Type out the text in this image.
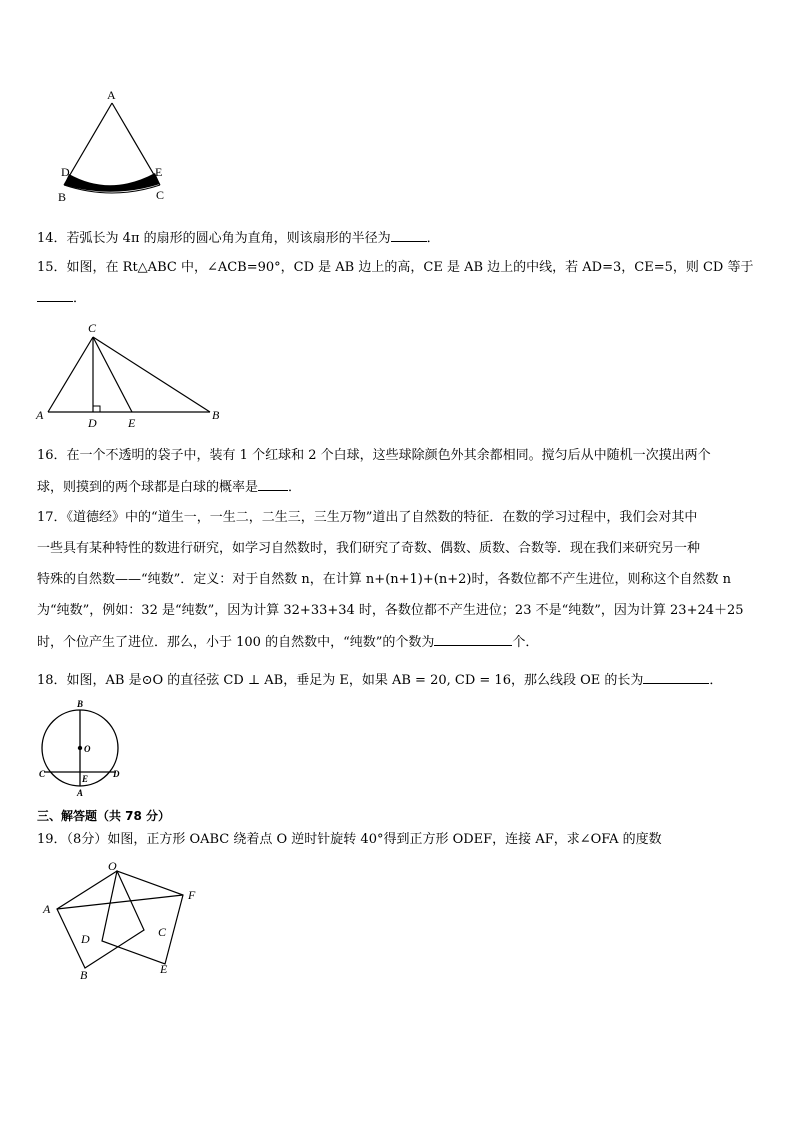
A
D	E
B	C
14．若弧长为 4π 的扇形的圆心角为直角，则该扇形的半径为	．
15．如图，在 Rt△ABC 中，∠ACB=90°，CD 是 AB 边上的高，CE 是 AB 边上的中线，若 AD=3，CE=5，则 CD 等于
．
C
A	B
D	E
16．在一个不透明的袋子中，装有 1 个红球和 2 个白球，这些球除颜色外其余都相同。搅匀后从中随机一次摸出两个
球，则摸到的两个球都是白球的概率是 ．
17．《道德经》中的“道生一，一生二，二生三，三生万物”道出了自然数的特征．在数的学习过程中，我们会对其中
一些具有某种特性的数进行研究，如学习自然数时，我们研究了奇数、偶数、质数、合数等．现在我们来研究另一种
特殊的自然数——“纯数”．定义：对于自然数 n，在计算 n+(n+1)+(n+2)时，各数位都不产生进位，则称这个自然数 n
为“纯数”，例如：32 是“纯数”，因为计算 32+33+34 时，各数位都不产生进位；23 不是“纯数”，因为计算 23+24＋25
时，个位产生了进位．那么，小于 100 的自然数中，“纯数”的个数为	个．
18．如图，AB 是⊙O 的直径弦 CD ⊥ AB，垂足为 E，如果 AB = 20, CD = 16，那么线段 OE 的长为	．
B
O
C	D
E
A
三、解答题（共 78 分）
19．（8分）如图，正方形 OABC 绕着点 O 逆时针旋转 40°得到正方形 ODEF，连接 AF，求∠OFA 的度数
O
A
F
D	C
B	E
